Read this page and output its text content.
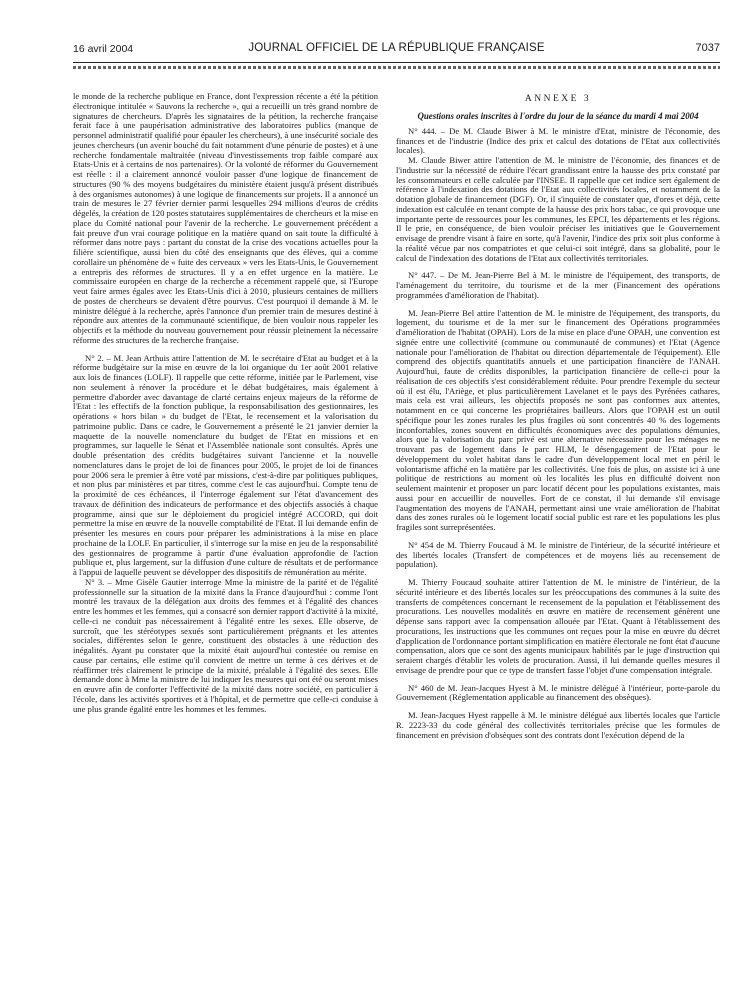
16 avril 2004	JOURNAL OFFICIEL DE LA RÉPUBLIQUE FRANÇAISE	7037

le monde de la recherche publique en France, dont l'expression récente a été la pétition électronique intitulée « Sauvons la recherche », qui a recueilli un très grand nombre de signatures de chercheurs. D'après les signataires de la pétition, la recherche française ferait face à une paupérisation administrative des laboratoires publics (manque de personnel administratif qualifié pour épauler les chercheurs), à une insécurité sociale des jeunes chercheurs (un avenir bouché du fait notamment d'une pénurie de postes) et à une recherche fondamentale maltraitée (niveau d'investissements trop faible comparé aux Etats-Unis et à certains de nos partenaires). Or la volonté de réformer du Gouvernement est réelle : il a clairement annoncé vouloir passer d'une logique de financement de structures (90 % des moyens budgétaires du ministère étaient jusqu'à présent distribués à des organismes autonomes) à une logique de financements sur projets. Il a annoncé un train de mesures le 27 février dernier parmi lesquelles 294 millions d'euros de crédits dégelés, la création de 120 postes statutaires supplémentaires de chercheurs et la mise en place du Comité national pour l'avenir de la recherche. Le gouvernement précédent a fait preuve d'un vrai courage politique en la matière quand on sait toute la difficulté à réformer dans notre pays : partant du constat de la crise des vocations actuelles pour la filière scientifique, aussi bien du côté des enseignants que des élèves, qui a comme corollaire un phénomène de « fuite des cerveaux » vers les Etats-Unis, le Gouvernement a entrepris des réformes de structures. Il y a en effet urgence en la matière. Le commissaire européen en charge de la recherche a récemment rappelé que, si l'Europe veut faire armes égales avec les Etats-Unis d'ici à 2010, plusieurs centaines de milliers de postes de chercheurs se devaient d'être pourvus. C'est pourquoi il demande à M. le ministre délégué à la recherche, après l'annonce d'un premier train de mesures destiné à répondre aux attentes de la communauté scientifique, de bien vouloir nous rappeler les objectifs et la méthode du nouveau gouvernement pour réussir pleinement la nécessaire réforme des structures de la recherche française.

N° 2. – M. Jean Arthuis attire l'attention de M. le secrétaire d'Etat au budget et à la réforme budgétaire sur la mise en œuvre de la loi organique du 1er août 2001 relative aux lois de finances (LOLF). Il rappelle que cette réforme, initiée par le Parlement, vise non seulement à rénover la procédure et le débat budgétaires, mais également à permettre d'aborder avec davantage de clarté certains enjeux majeurs de la réforme de l'Etat : les effectifs de la fonction publique, la responsabilisation des gestionnaires, les opérations « hors bilan » du budget de l'Etat, le recensement et la valorisation du patrimoine public. Dans ce cadre, le Gouvernement a présenté le 21 janvier dernier la maquette de la nouvelle nomenclature du budget de l'Etat en missions et en programmes, sur laquelle le Sénat et l'Assemblée nationale sont consultés. Après une double présentation des crédits budgétaires suivant l'ancienne et la nouvelle nomenclatures dans le projet de loi de finances pour 2005, le projet de loi de finances pour 2006 sera le premier à être voté par missions, c'est-à-dire par politiques publiques, et non plus par ministères et par titres, comme c'est le cas aujourd'hui. Compte tenu de la proximité de ces échéances, il l'interroge également sur l'état d'avancement des travaux de définition des indicateurs de performance et des objectifs associés à chaque programme, ainsi que sur le déploiement du progiciel intégré ACCORD, qui doit permettre la mise en œuvre de la nouvelle comptabilité de l'Etat. Il lui demande enfin de présenter les mesures en cours pour préparer les administrations à la mise en place prochaine de la LOLF. En particulier, il s'interroge sur la mise en jeu de la responsabilité des gestionnaires de programme à partir d'une évaluation approfondie de l'action publique et, plus largement, sur la diffusion d'une culture de résultats et de performance à l'appui de laquelle peuvent se développer des dispositifs de rémunération au mérite.

N° 3. – Mme Gisèle Gautier interroge Mme la ministre de la parité et de l'égalité professionnelle sur la situation de la mixité dans la France d'aujourd'hui : comme l'ont montré les travaux de la délégation aux droits des femmes et à l'égalité des chances entre les hommes et les femmes, qui a consacré son dernier rapport d'activité à la mixité, celle-ci ne conduit pas nécessairement à l'égalité entre les sexes. Elle observe, de surcroît, que les stéréotypes sexués sont particulièrement prégnants et les attentes sociales, différentes selon le genre, constituent des obstacles à une réduction des inégalités. Ayant pu constater que la mixité était aujourd'hui contestée ou remise en cause par certains, elle estime qu'il convient de mettre un terme à ces dérives et de réaffirmer très clairement le principe de la mixité, préalable à l'égalité des sexes. Elle demande donc à Mme la ministre de lui indiquer les mesures qui ont été ou seront mises en œuvre afin de conforter l'effectivité de la mixité dans notre société, en particulier à l'école, dans les activités sportives et à l'hôpital, et de permettre que celle-ci conduise à une plus grande égalité entre les hommes et les femmes.

ANNEXE 3
Questions orales inscrites à l'ordre du jour de la séance du mardi 4 mai 2004

N° 444. – De M. Claude Biwer à M. le ministre d'Etat, ministre de l'économie, des finances et de l'industrie (Indice des prix et calcul des dotations de l'Etat aux collectivités locales).

M. Claude Biwer attire l'attention de M. le ministre de l'économie, des finances et de l'industrie sur la nécessité de réduire l'écart grandissant entre la hausse des prix constaté par les consommateurs et celle calculée par l'INSEE. Il rappelle que cet indice sert également de référence à l'indexation des dotations de l'Etat aux collectivités locales, et notamment de la dotation globale de financement (DGF). Or, il s'inquiète de constater que, d'ores et déjà, cette indexation est calculée en tenant compte de la hausse des prix hors tabac, ce qui provoque une importante perte de ressources pour les communes, les EPCI, les départements et les régions. Il le prie, en conséquence, de bien vouloir préciser les initiatives que le Gouvernement envisage de prendre visant à faire en sorte, qu'à l'avenir, l'indice des prix soit plus conforme à la réalité vécue par nos compatriotes et que celui-ci soit intégré, dans sa globalité, pour le calcul de l'indexation des dotations de l'Etat aux collectivités territoriales.

N° 447. – De M. Jean-Pierre Bel à M. le ministre de l'équipement, des transports, de l'aménagement du territoire, du tourisme et de la mer (Financement des opérations programmées d'amélioration de l'habitat).

M. Jean-Pierre Bel attire l'attention de M. le ministre de l'équipement, des transports, du logement, du tourisme et de la mer sur le financement des Opérations programmées d'amélioration de l'habitat (OPAH). Lors de la mise en place d'une OPAH, une convention est signée entre une collectivité (commune ou communauté de communes) et l'Etat (Agence nationale pour l'amélioration de l'habitat ou direction départementale de l'équipement). Elle comprend des objectifs quantitatifs annuels et une participation financière de l'ANAH. Aujourd'hui, faute de crédits disponibles, la participation financière de celle-ci pour la réalisation de ces objectifs s'est considérablement réduite. Pour prendre l'exemple du secteur où il est élu, l'Ariège, et plus particulièrement Lavelanet et le pays des Pyrénées cathares, mais cela est vrai ailleurs, les objectifs proposés ne sont pas conformes aux attentes, notamment en ce qui concerne les propriétaires bailleurs. Alors que l'OPAH est un outil spécifique pour les zones rurales les plus fragiles où sont concentrés 40 % des logements inconfortables, zones souvent en difficultés économiques avec des populations démunies, alors que la valorisation du parc privé est une alternative nécessaire pour les ménages ne trouvant pas de logement dans le parc HLM, le désengagement de l'Etat pour le développement du volet habitat dans le cadre d'un développement local met en péril le volontarisme affiché en la matière par les collectivités. Une fois de plus, on assiste ici à une politique de restrictions au moment où les localités les plus en difficulté doivent non seulement maintenir et proposer un parc locatif décent pour les populations existantes, mais aussi pour en accueillir de nouvelles. Fort de ce constat, il lui demande s'il envisage l'augmentation des moyens de l'ANAH, permettant ainsi une vraie amélioration de l'habitat dans des zones rurales où le logement locatif social public est rare et les populations les plus fragiles sont surreprésentées.

N° 454 de M. Thierry Foucaud à M. le ministre de l'intérieur, de la sécurité intérieure et des libertés locales (Transfert de compétences et de moyens liés au recensement de population).

M. Thierry Foucaud souhaite attirer l'attention de M. le ministre de l'intérieur, de la sécurité intérieure et des libertés locales sur les préoccupations des communes à la suite des transferts de compétences concernant le recensement de la population et l'établissement des procurations. Les nouvelles modalités en œuvre en matière de recensement génèrent une dépense sans rapport avec la compensation allouée par l'Etat. Quant à l'établissement des procurations, les instructions que les communes ont reçues pour la mise en œuvre du décret d'application de l'ordonnance portant simplification en matière électorale ne font état d'aucune compensation, alors que ce sont des agents municipaux habilités par le juge d'instruction qui seraient chargés d'établir les volets de procuration. Aussi, il lui demande quelles mesures il envisage de prendre pour que ce type de transfert fasse l'objet d'une compensation intégrale.

N° 460 de M. Jean-Jacques Hyest à M. le ministre délégué à l'intérieur, porte-parole du Gouvernement (Réglementation applicable au financement des obsèques).

M. Jean-Jacques Hyest rappelle à M. le ministre délégué aux libertés locales que l'article R. 2223-33 du code général des collectivités territoriales précise que les formules de financement en prévision d'obsèques sont des contrats dont l'exécution dépend de la
